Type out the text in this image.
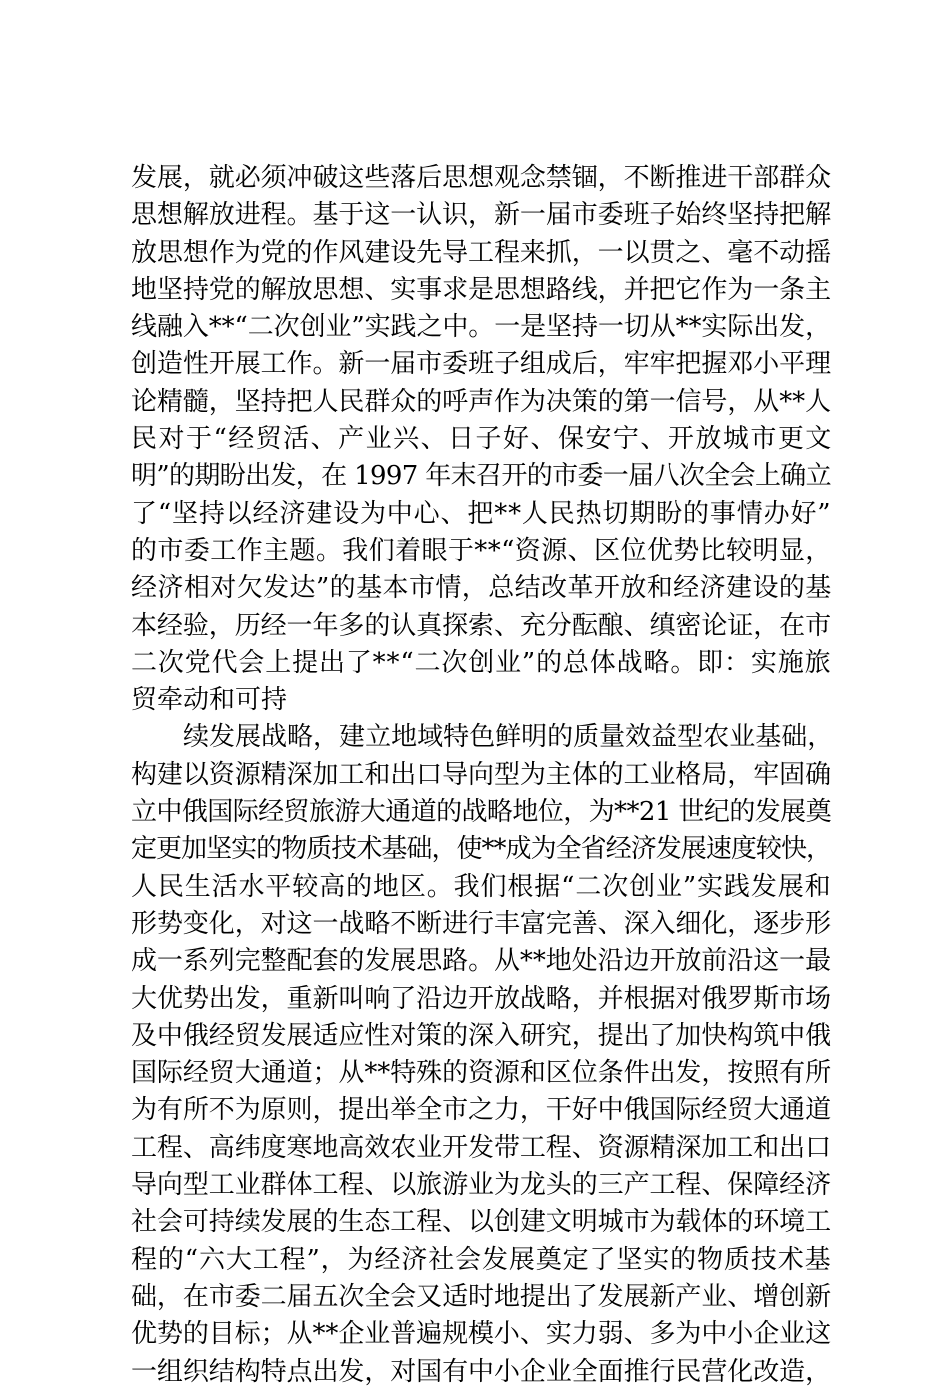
发展，就必须冲破这些落后思想观念禁锢，不断推进干部群众
思想解放进程。基于这一认识，新一届市委班子始终坚持把解
放思想作为党的作风建设先导工程来抓，一以贯之、毫不动摇
地坚持党的解放思想、实事求是思想路线，并把它作为一条主
线融入**“二次创业”实践之中。一是坚持一切从**实际出发，
创造性开展工作。新一届市委班子组成后，牢牢把握邓小平理
论精髓，坚持把人民群众的呼声作为决策的第一信号，从**人
民对于“经贸活、产业兴、日子好、保安宁、开放城市更文
明”的期盼出发，在 1997 年末召开的市委一届八次全会上确立
了“坚持以经济建设为中心、把**人民热切期盼的事情办好”
的市委工作主题。我们着眼于**“资源、区位优势比较明显，
经济相对欠发达”的基本市情，总结改革开放和经济建设的基
本经验，历经一年多的认真探索、充分酝酿、缜密论证，在市
二次党代会上提出了**“二次创业”的总体战略。即：实施旅
贸牵动和可持
续发展战略，建立地域特色鲜明的质量效益型农业基础，
构建以资源精深加工和出口导向型为主体的工业格局，牢固确
立中俄国际经贸旅游大通道的战略地位，为**21 世纪的发展奠
定更加坚实的物质技术基础，使**成为全省经济发展速度较快，
人民生活水平较高的地区。我们根据“二次创业”实践发展和
形势变化，对这一战略不断进行丰富完善、深入细化，逐步形
成一系列完整配套的发展思路。从**地处沿边开放前沿这一最
大优势出发，重新叫响了沿边开放战略，并根据对俄罗斯市场
及中俄经贸发展适应性对策的深入研究，提出了加快构筑中俄
国际经贸大通道；从**特殊的资源和区位条件出发，按照有所
为有所不为原则，提出举全市之力，干好中俄国际经贸大通道
工程、高纬度寒地高效农业开发带工程、资源精深加工和出口
导向型工业群体工程、以旅游业为龙头的三产工程、保障经济
社会可持续发展的生态工程、以创建文明城市为载体的环境工
程的“六大工程”，为经济社会发展奠定了坚实的物质技术基
础，在市委二届五次全会又适时地提出了发展新产业、增创新
优势的目标；从**企业普遍规模小、实力弱、多为中小企业这
一组织结构特点出发，对国有中小企业全面推行民营化改造，
